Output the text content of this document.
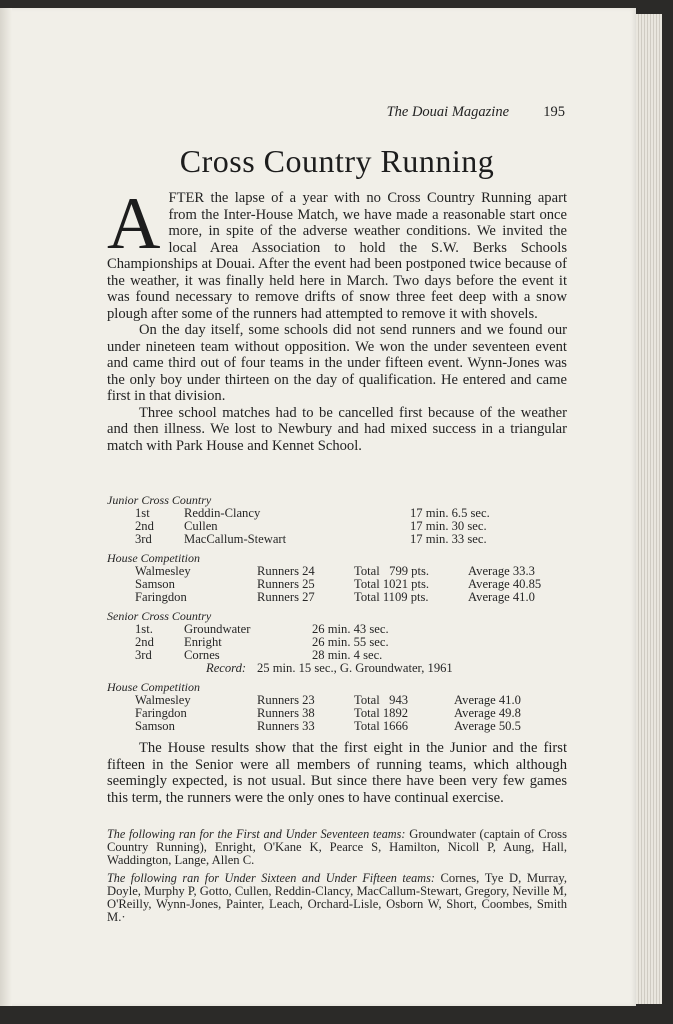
The Douai Magazine 195
Cross Country Running

AFTER the lapse of a year with no Cross Country Running apart from the Inter-House Match, we have made a reasonable start once more, in spite of the adverse weather conditions. We invited the local Area Association to hold the S.W. Berks Schools Championships at Douai. After the event had been postponed twice because of the weather, it was finally held here in March. Two days before the event it was found necessary to remove drifts of snow three feet deep with a snow plough after some of the runners had attempted to remove it with shovels.

On the day itself, some schools did not send runners and we found our under nineteen team without opposition. We won the under seventeen event and came third out of four teams in the under fifteen event. Wynn-Jones was the only boy under thirteen on the day of qualification. He entered and came first in that division.

Three school matches had to be cancelled first because of the weather and then illness. We lost to Newbury and had mixed success in a triangular match with Park House and Kennet School.

Junior Cross Country
1st	Reddin-Clancy	17 min. 6.5 sec.
2nd Cullen	17 min. 30 sec.
3rd	MacCallum-Stewart	17 min. 33 sec.
House Competition
Walmesley	Runners 24	Total   799 pts.	Average 33.3
Samson	Runners 25	Total 1021 pts.	Average 40.85
Faringdon	Runners 27	Total 1109 pts.	Average 41.0
Senior Cross Country
1st. Groundwater	26 min. 43 sec.
2nd Enright	26 min. 55 sec.
3rd	Cornes	28 min. 4 sec.
Record: 25 min. 15 sec., G. Groundwater, 1961
House Competition
Walmesley	Runners 23	Total   943	Average 41.0
Faringdon	Runners 38	Total 1892	Average 49.8
Samson	Runners 33	Total 1666	Average 50.5

The House results show that the first eight in the Junior and the first fifteen in the Senior were all members of running teams, which although seemingly expected, is not usual. But since there have been very few games this term, the runners were the only ones to have continual exercise.

The following ran for the First and Under Seventeen teams: Groundwater (captain of Cross Country Running), Enright, O'Kane K, Pearce S, Hamilton, Nicoll P, Aung, Hall, Waddington, Lange, Allen C.

The following ran for Under Sixteen and Under Fifteen teams: Cornes, Tye D, Murray, Doyle, Murphy P, Gotto, Cullen, Reddin-Clancy, MacCallum-Stewart, Gregory, Neville M, O'Reilly, Wynn-Jones, Painter, Leach, Orchard-Lisle, Osborn W, Short, Coombes, Smith M.·
